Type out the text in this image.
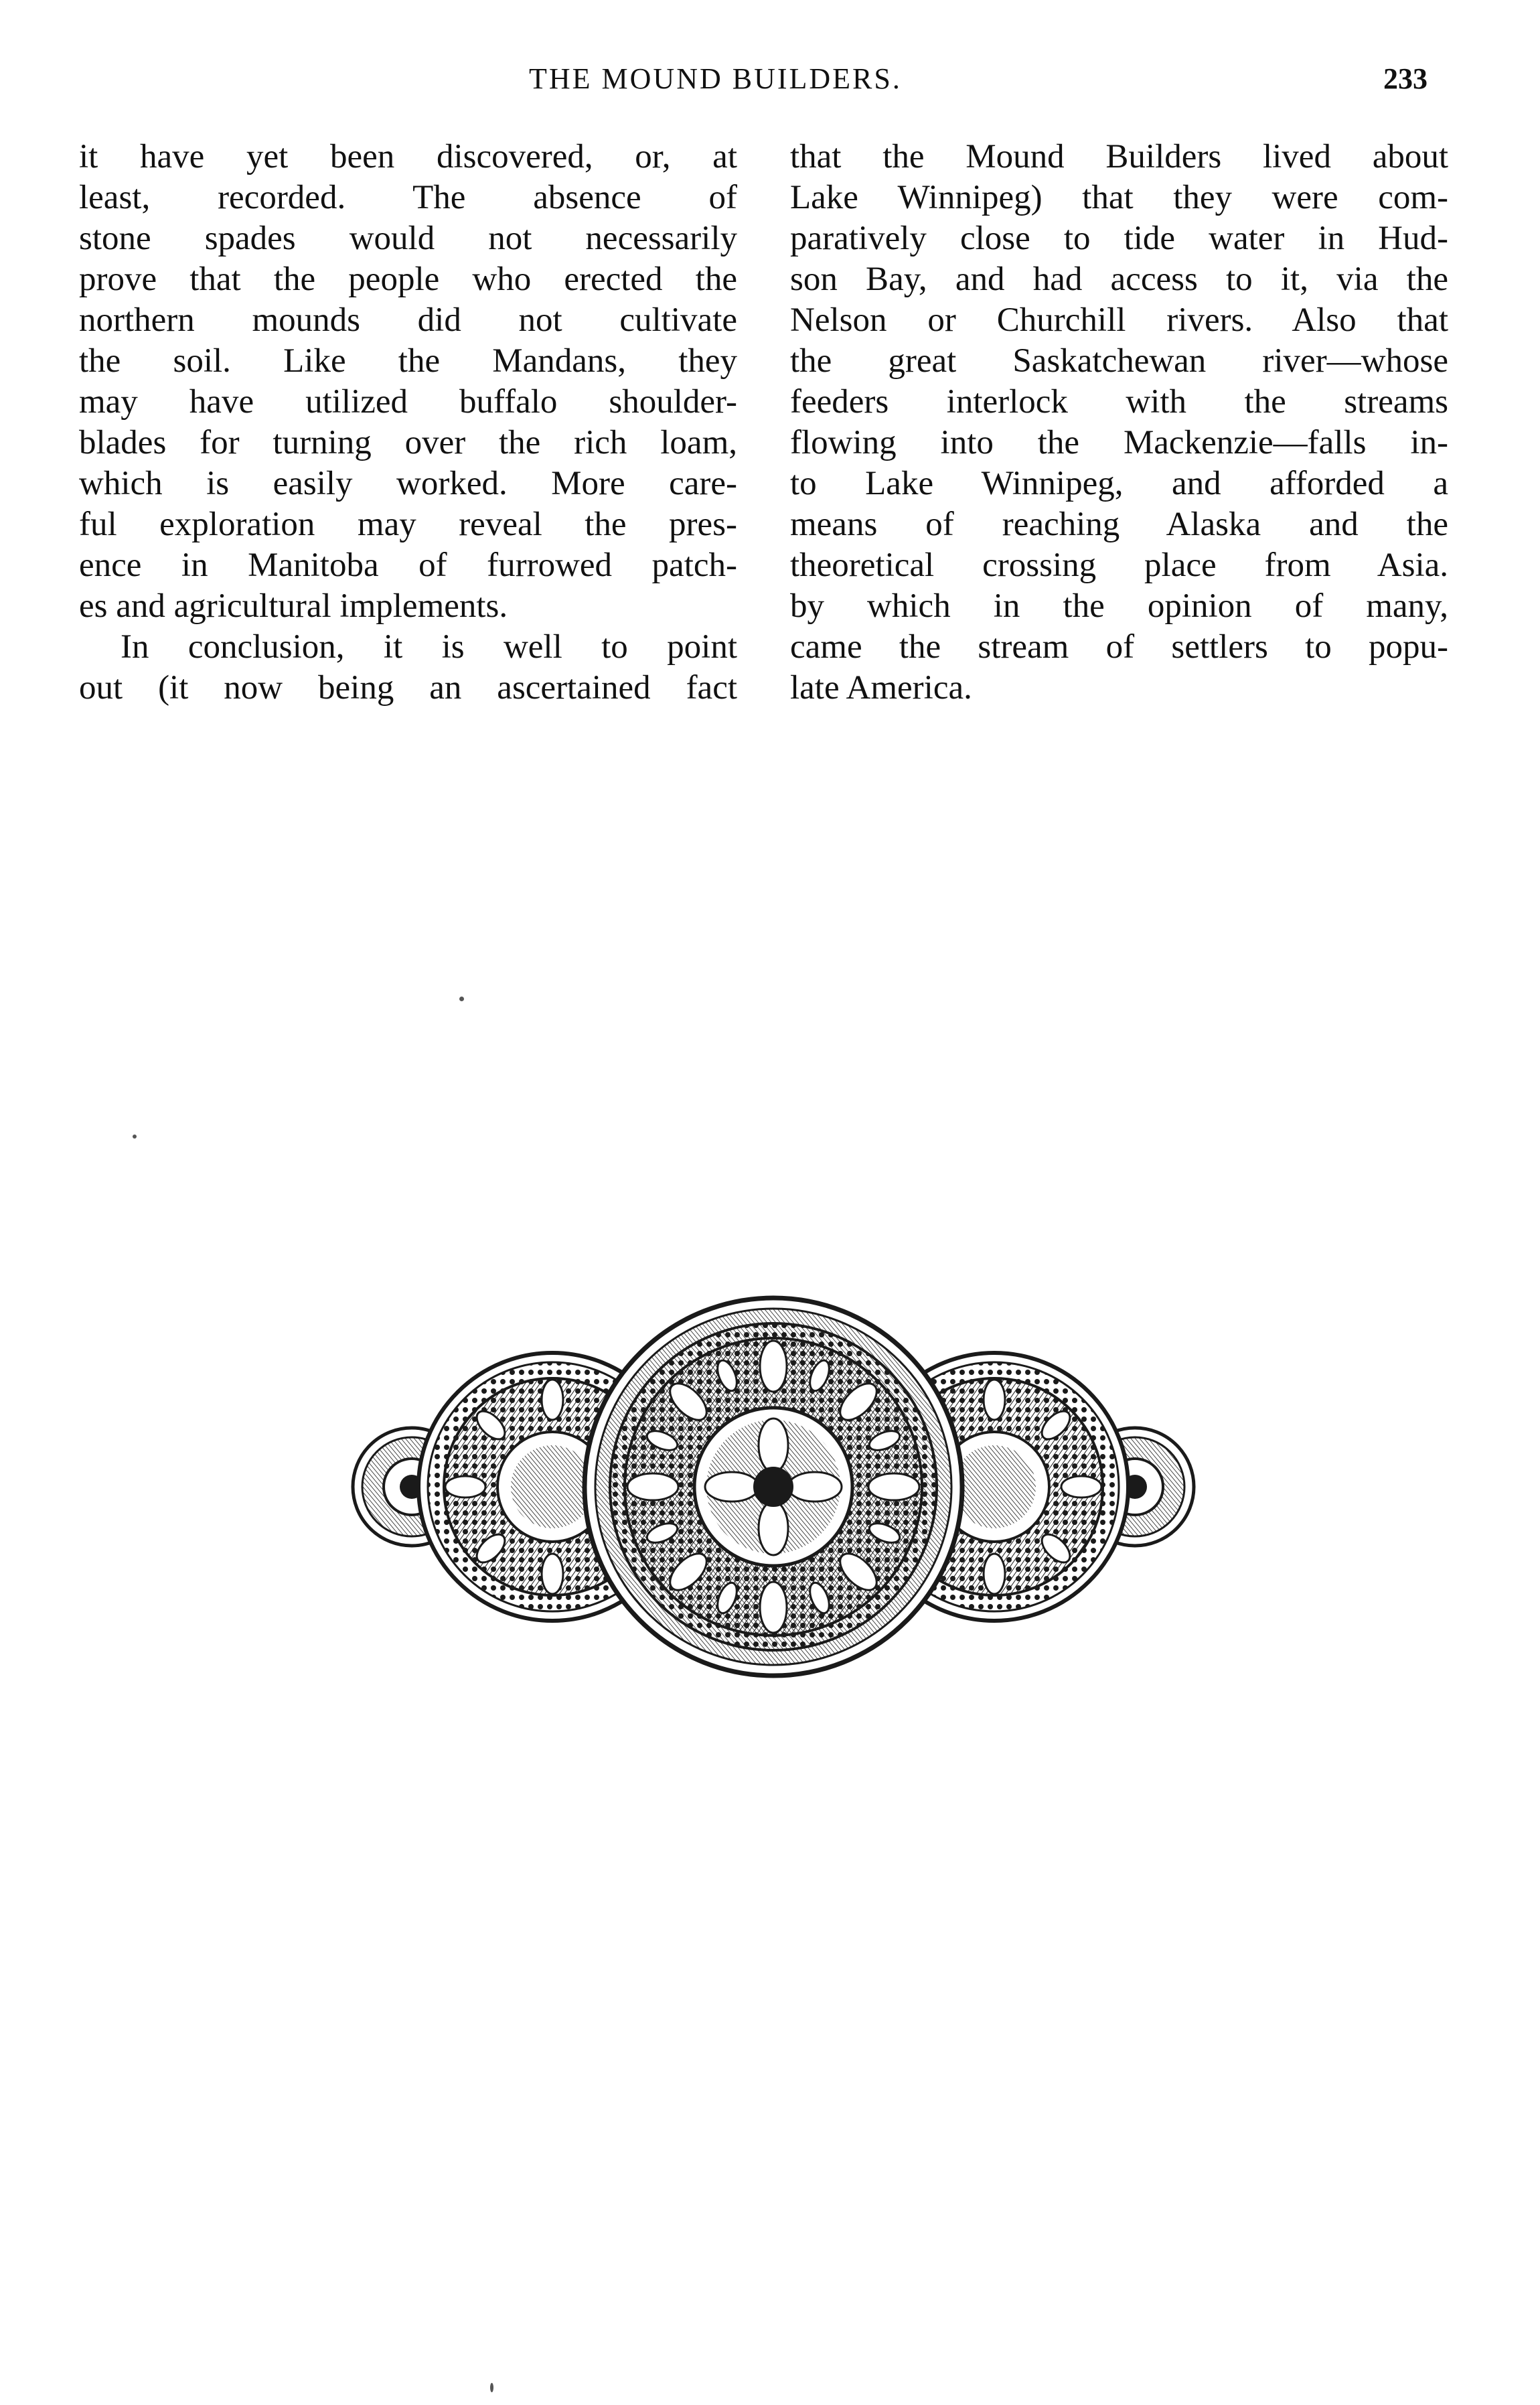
THE MOUND BUILDERS.	233
it have yet been discovered, or, at
least, recorded. The absence of
stone spades would not necessarily
prove that the people who erected the
northern mounds did not cultivate
the soil. Like the Mandans, they
may have utilized buffalo shoulder-
blades for turning over the rich loam,
which is easily worked. More care-
ful exploration may reveal the pres-
ence in Manitoba of furrowed patch-
es and agricultural implements.
In conclusion, it is well to point
out (it now being an ascertained fact
that the Mound Builders lived about
Lake Winnipeg) that they were com-
paratively close to tide water in Hud-
son Bay, and had access to it, via the
Nelson or Churchill rivers. Also that
the great Saskatchewan river—whose
feeders interlock with the streams
flowing into the Mackenzie—falls in-
to Lake Winnipeg, and afforded a
means of reaching Alaska and the
theoretical crossing place from Asia.
by which in the opinion of many,
came the stream of settlers to popu-
late America.
